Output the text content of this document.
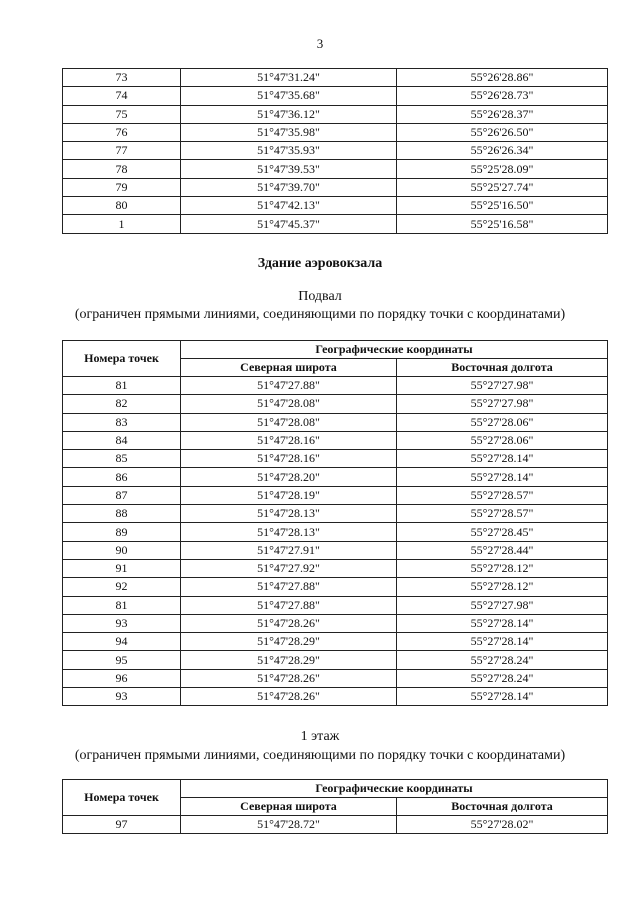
3
73	51°47'31.24"	55°26'28.86"
74	51°47'35.68"	55°26'28.73"
75	51°47'36.12"	55°26'28.37"
76	51°47'35.98"	55°26'26.50"
77	51°47'35.93"	55°26'26.34"
78	51°47'39.53"	55°25'28.09"
79	51°47'39.70"	55°25'27.74"
80	51°47'42.13"	55°25'16.50"
1	51°47'45.37"	55°25'16.58"
Здание аэровокзала
Подвал
(ограничен прямыми линиями, соединяющими по порядку точки с координатами)
Номера точек	Географические координаты	
	Северная широта	Восточная долгота
81	51°47'27.88"	55°27'27.98"
82	51°47'28.08"	55°27'27.98"
83	51°47'28.08"	55°27'28.06"
84	51°47'28.16"	55°27'28.06"
85	51°47'28.16"	55°27'28.14"
86	51°47'28.20"	55°27'28.14"
87	51°47'28.19"	55°27'28.57"
88	51°47'28.13"	55°27'28.57"
89	51°47'28.13"	55°27'28.45"
90	51°47'27.91"	55°27'28.44"
91	51°47'27.92"	55°27'28.12"
92	51°47'27.88"	55°27'28.12"
81	51°47'27.88"	55°27'27.98"
93	51°47'28.26"	55°27'28.14"
94	51°47'28.29"	55°27'28.14"
95	51°47'28.29"	55°27'28.24"
96	51°47'28.26"	55°27'28.24"
93	51°47'28.26"	55°27'28.14"
1 этаж
(ограничен прямыми линиями, соединяющими по порядку точки с координатами)
Номера точек	Географические координаты	
	Северная широта	Восточная долгота
97	51°47'28.72"	55°27'28.02"
